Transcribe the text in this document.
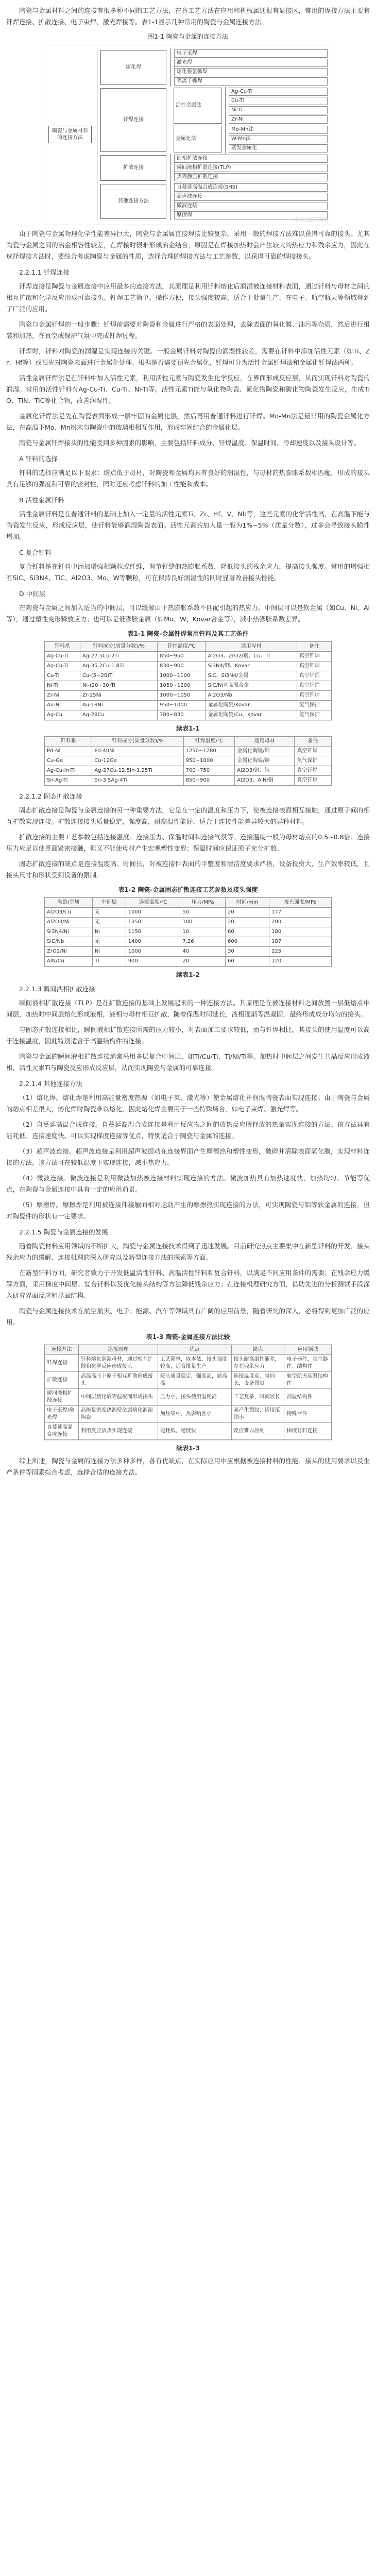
陶瓷与金属材料之间的连接有很多种不同的工艺方法，在各工艺方法在应用和机械属通很有显接区，常用的焊接方法主要有钎焊连接、扩散连接、电子束焊、激光焊接等。表1-1显示几种常用的陶瓷与金属连接方法。

图1-1 陶瓷与金属的连接方法
陶瓷与金属材料的连接方法
熔化焊
电子束焊
激光焊
熔化极氩弧焊
等离子弧焊
钎焊连接
活性金属法
Ag-Cu-Ti
Cu-Ti
Ni-Ti
Zr-Ni
金属化法
Mo-Mn法
W-Mn法
蒸发金属化
扩散连接
固相扩散连接
瞬间液相扩散连接(TLP)
热等静压扩散连接
其他连接方法
自蔓延高温合成连接(SHS)
超声波连接
微波连接
摩擦焊
材料连接与陶瓷

由于陶瓷与金属物理化学性能差异巨大，陶瓷与金属属直接焊接比较复杂，采用一般的焊接方法难以获得可靠的接头。尤其陶瓷与金属之间的冶金相容性较差，在焊接时很难形成冶金结合，原因是在焊接加热时会产生较大的热应力和残余应力，因此在选择焊接方法时，要综合考虑陶瓷与金属的性质，选择合理的焊接方法与工艺参数，以获得可靠的焊接接头。

2.2.1.1 钎焊连接

钎焊连接是陶瓷与金属连接中应用最多的连接方法，其原理是利用钎料熔化后润湿被连接材料表面，通过钎料与母材之间的相互扩散和化学反应形成可靠接头。钎焊工艺简单，操作方便，接头强度较高，适合于批量生产，在电子、航空航天等领域得到了广泛的应用。

陶瓷与金属钎焊的一般步骤：钎焊前需要对陶瓷和金属进行严格的表面处理，去除表面的氧化膜、油污等杂质，然后进行组装和加热，在真空或保护气氛中完成钎焊过程。

钎焊时，钎料对陶瓷的润湿是实现连接的关键。一般金属钎料对陶瓷的润湿性较差，需要在钎料中添加活性元素（如Ti、Zr、Hf等）或预先对陶瓷表面进行金属化处理。根据是否需要预先金属化，钎焊可分为活性金属钎焊法和金属化钎焊法两种。

活性金属钎焊法是在钎料中加入活性元素，利用活性元素与陶瓷发生化学反应，在界面形成反应层，从而实现钎料对陶瓷的润湿。常用的活性钎料有Ag-Cu-Ti、Cu-Ti、Ni-Ti等。活性元素Ti能与氧化物陶瓷、氮化物陶瓷和碳化物陶瓷发生反应，生成TiO、TiN、TiC等化合物，改善润湿性。

金属化钎焊法是先在陶瓷表面形成一层牢固的金属化层，然后再用普通钎料进行钎焊。Mo-Mn法是最常用的陶瓷金属化方法，在高温下Mo、Mn粉末与陶瓷中的玻璃相相互作用，形成牢固结合的金属化层。

陶瓷与金属钎焊接头的性能受到多种因素的影响，主要包括钎料成分、钎焊温度、保温时间、冷却速度以及接头设计等。

A 钎料的选择

钎料的选择应满足以下要求：熔点低于母材，对陶瓷和金属均具有良好的润湿性，与母材的热膨胀系数相匹配，形成的接头具有足够的强度和可靠的密封性，同时还应考虑钎料的加工性能和成本。

B 活性金属钎料

活性金属钎料是在普通钎料的基础上加入一定量的活性元素Ti、Zr、Hf、V、Nb等，这些元素的化学活性高，在高温下能与陶瓷发生反应，形成反应层，使钎料能够润湿陶瓷表面。活性元素的加入量一般为1%~5%（质量分数），过多会导致接头脆性增加。

C 复合钎料

复合钎料是在钎料中添加增强相颗粒或纤维，调节钎缝的热膨胀系数，降低接头的残余应力，提高接头强度。常用的增强相有SiC、Si3N4、TiC、Al2O3、Mo、W等颗粒，可在保持良好润湿性的同时显著改善接头性能。

D 中间层

在陶瓷与金属之间加入适当的中间层，可以缓解由于热膨胀系数不匹配引起的热应力。中间层可以是软金属（如Cu、Ni、Al等），通过塑性变形释放应力；也可以是低膨胀金属（如Mo、W、Kovar合金等），减小热膨胀系数差异。

表1-1 陶瓷-金属钎焊常用钎料及其工艺条件
钎料系	钎料成分(质量分数)/%	钎焊温度/℃	适用母材	备注
Ag-Cu-Ti	Ag-27.5Cu-2Ti	850~950	Al2O3、ZrO2/钢、Cu、Ti	真空钎焊
Ag-Cu-Ti	Ag-35.2Cu-1.8Ti	830~900	Si3N4/钢、Kovar	真空钎焊
Cu-Ti	Cu-(5~20)Ti	1000~1100	SiC、Si3N4/金属	真空钎焊
Ni-Ti	Ni-(20~30)Ti	1050~1200	SiC/Ni基高温合金	真空钎焊
Zr-Ni	Zr-25Ni	1000~1050	Al2O3/Nb	真空钎焊
Au-Ni	Au-18Ni	950~1000	金属化陶瓷/Kovar	氢气保护
Ag-Cu	Ag-28Cu	780~830	金属化陶瓷/Cu、Kovar	氢气保护
续表1-1
钎料系	钎料成分(质量分数)/%	钎焊温度/℃	适用母材	备注
Pd-Ni	Pd-40Ni	1250~1280	金属化陶瓷/钼	真空钎焊
Cu-Ge	Cu-12Ge	950~1000	金属化陶瓷/铜	氢气保护
Ag-Cu-In-Ti	Ag-27Cu-12.5In-1.25Ti	700~750	Al2O3/钢、钛	真空钎焊
Sn-Ag-Ti	Sn-3.5Ag-4Ti	850~900	Al2O3、AlN/铜	真空钎焊
2.2.1.2 固态扩散连接

固态扩散连接是陶瓷与金属连接的另一种重要方法，它是在一定的温度和压力下，使被连接表面相互接触，通过原子间的相互扩散实现连接。扩散连接接头质量稳定，强度高，耐高温性能好，适合于连接性能差异较大的异种材料。

扩散连接的主要工艺参数包括连接温度、连接压力、保温时间和连接气氛等。连接温度一般为母材熔点的0.5~0.8倍；连接压力应足以使界面紧密接触，但又不能使母材产生宏观塑性变形；保温时间应保证原子充分扩散。

固态扩散连接的缺点是连接温度高、时间长，对被连接件表面的平整度和清洁度要求严格，设备投资大，生产效率较低，且接头尺寸和形状受到设备的限制。

表1-2 陶瓷-金属固态扩散连接工艺参数及接头强度
陶瓷/金属	中间层	连接温度/℃	压力/MPa	时间/min	接头强度/MPa
Al2O3/Cu	无	1000	50	20	177
Al2O3/Ni	无	1350	100	20	200
Si3N4/Ni	Ni	1150	10	60	180
SiC/Nb	无	1400	7.26	600	187
ZrO2/Ni	Ni	1000	40	30	225
AlN/Cu	Ti	900	20	60	120
续表1-2
2.2.1.3 瞬间液相扩散连接

瞬间液相扩散连接（TLP）是在扩散连接的基础上发展起来的一种连接方法。其原理是在被连接材料之间放置一层低熔点中间层，加热时中间层熔化形成液相，液相与母材相互扩散，随着保温时间延长，液相逐渐等温凝固，最终形成成分均匀的接头。

与固态扩散连接相比，瞬间液相扩散连接所需的压力较小，对表面加工要求较低，而与钎焊相比，其接头的使用温度可以高于连接温度，因此特别适合于高温结构件的连接。

陶瓷与金属的瞬间液相扩散连接通常采用多层复合中间层，如Ti/Cu/Ti、Ti/Ni/Ti等。加热时中间层之间发生共晶反应形成液相，活性元素Ti与陶瓷反应形成反应层，从而实现陶瓷与金属的可靠连接。

2.2.1.4 其他连接方法

（1）熔化焊。熔化焊是利用高能量密度热源（如电子束、激光等）使金属熔化并润湿陶瓷表面实现连接。由于陶瓷与金属的熔点相差很大，熔化焊时陶瓷难以熔化，因此熔化焊主要用于一些特殊场合，如电子束焊、激光焊等。

（2）自蔓延高温合成连接。自蔓延高温合成连接是利用反应物之间的放热反应所释放的热量实现连接的方法。该方法具有能耗低、连接速度快、可以实现梯度连接等优点，特别适合于陶瓷与金属的连接。

（3）超声波连接。超声波连接是利用超声波振动在连接界面产生摩擦热和塑性变形，破碎并清除表面氧化膜，实现材料连接的方法。该方法可在较低温度下实现连接，减小热应力。

（4）微波连接。微波连接是利用微波加热被连接材料实现连接的方法。微波加热具有加热速度快、加热均匀、节能等优点，在陶瓷与金属连接中具有一定的应用前景。

（5）摩擦焊。摩擦焊是利用被连接件接触面相对运动产生的摩擦热实现连接的方法，可实现陶瓷与铝等软金属的连接，但对陶瓷件的形状有一定要求。

2.2.1.5 陶瓷与金属连接的发展

随着陶瓷材料应用领域的不断扩大，陶瓷与金属连接技术得到了迅速发展。目前研究热点主要集中在新型钎料的开发、接头残余应力的缓解、连接机理的深入研究以及新型连接方法的探索等方面。

在新型钎料方面，研究者致力于开发低温活性钎料、高温活性钎料和复合钎料，以满足不同应用条件的需要；在残余应力缓解方面，采用梯度中间层、复合钎料以及优化接头结构等方法降低残余应力；在连接机理研究方面，借助先进的分析测试手段深入研究界面反应和界面结构。

陶瓷与金属连接技术在航空航天、电子、能源、汽车等领域具有广阔的应用前景，随着研究的深入，必将得到更加广泛的应用。

表1-3 陶瓷-金属连接方法比较
连接方法	连接原理	优点	缺点	应用领域
钎焊连接	钎料熔化润湿母材，通过相互扩散和化学反应形成接头	工艺简单，成本低，接头强度较高，适合批量生产	接头耐高温性能差，存在残余应力	电子器件、真空器件、结构件
扩散连接	高温高压下原子相互扩散形成接头	接头质量稳定，强度高，耐高温	连接温度高、时间长，设备昂贵	航空航天高温结构件
瞬间液相扩散连接	中间层熔化后等温凝固形成接头	压力小，接头使用温度高	工艺复杂，时间较长	高温结构件
电子束焊/激光焊	高能量密度热源使金属熔化润湿陶瓷	加热集中，热影响区小	易产生裂纹，适用范围小	特殊器件
自蔓延高温合成连接	利用反应放热实现连接	能耗低，速度快	反应难以控制	梯度材料连接
续表1-3

综上所述，陶瓷与金属的连接方法多种多样，各有优缺点，在实际应用中应根据被连接材料的性能、接头的使用要求以及生产条件等因素综合考虑，选择合适的连接方法。
